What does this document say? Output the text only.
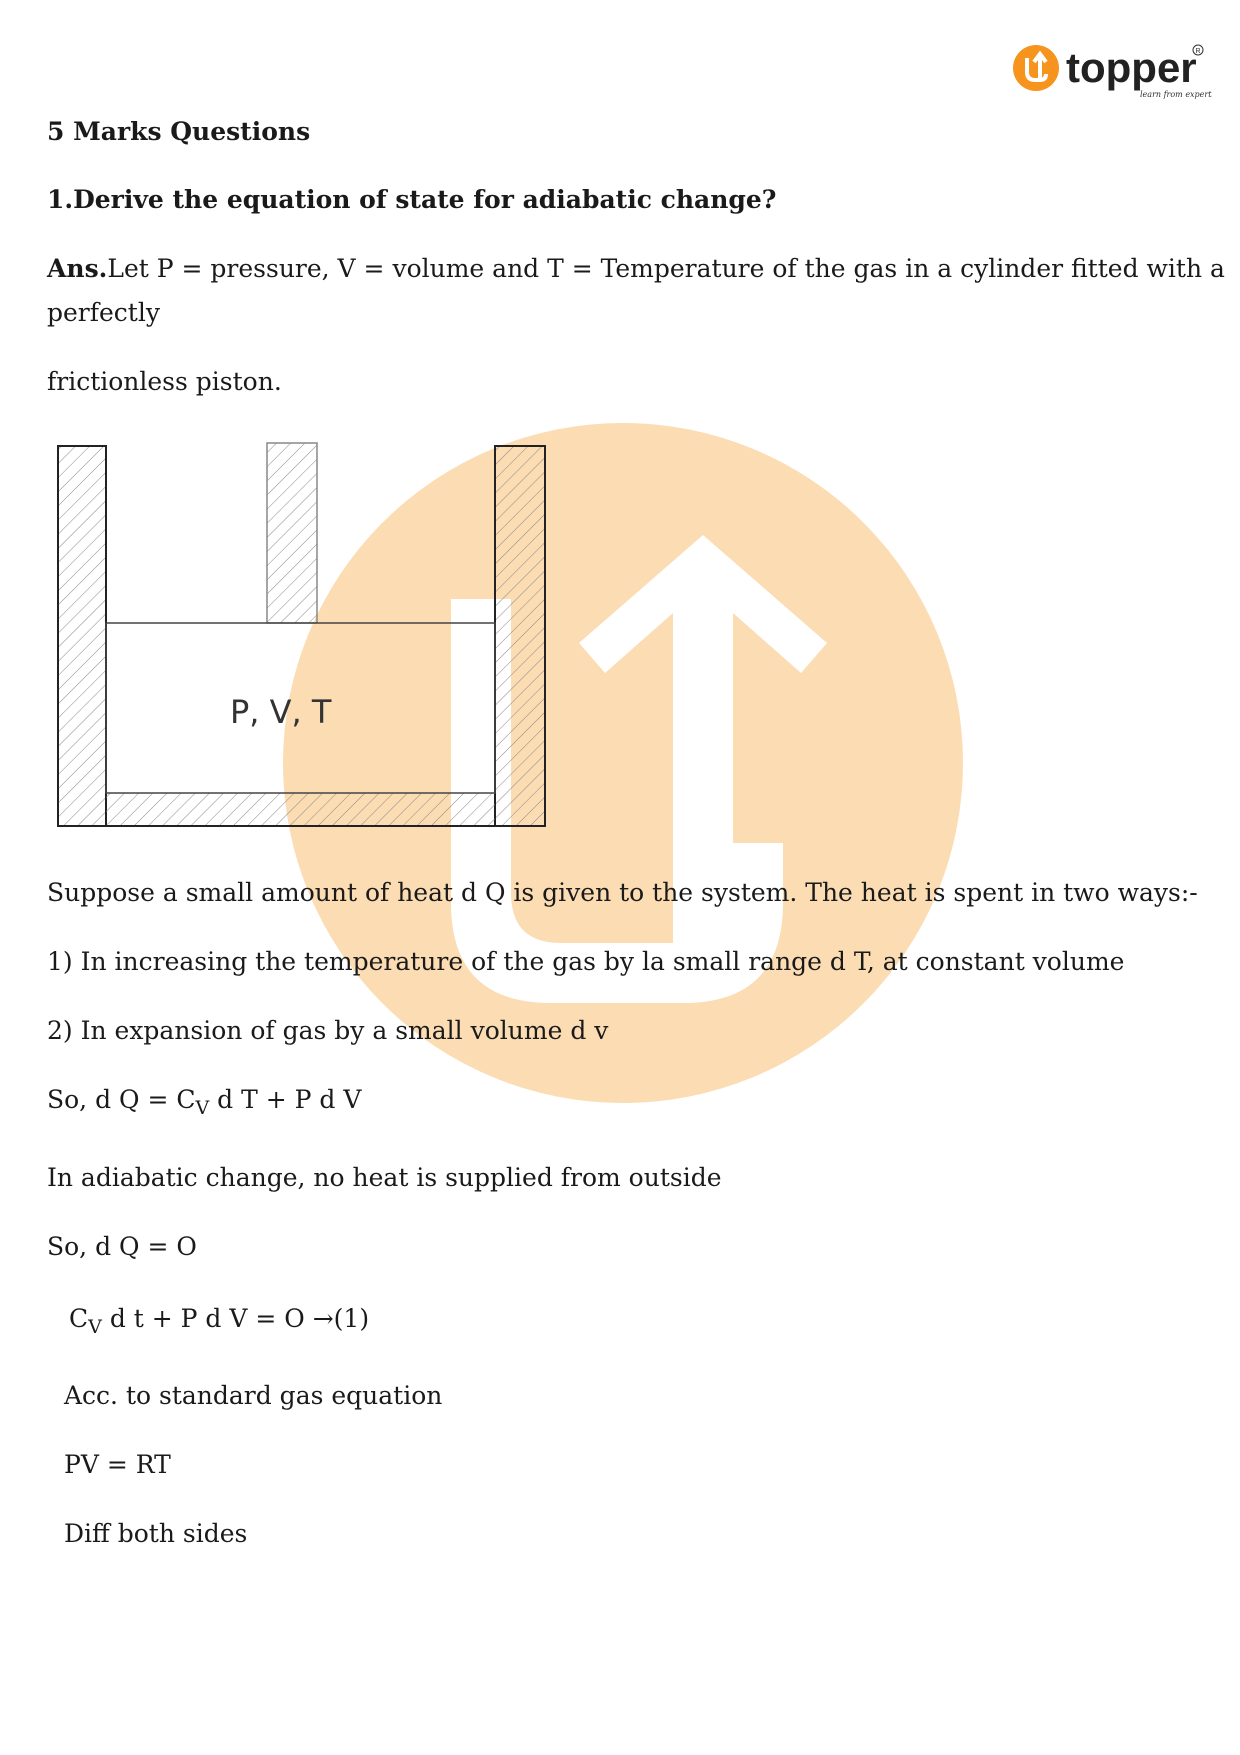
topper
learn from experts
R
5 Marks Questions
1.Derive the equation of state for adiabatic change?
Ans.Let P = pressure, V = volume and T = Temperature of the gas in a cylinder fitted with a
perfectly
frictionless piston.
P, V, T
Suppose a small amount of heat d Q is given to the system. The heat is spent in two ways:-
1) In increasing the temperature of the gas by la small range d T, at constant volume
2) In expansion of gas by a small volume d v
So, d $Q = C_V$ d T + P d V
In adiabatic change, no heat is supplied from outside
So, d Q = O
$C_V$ d t + P d V = O →(1)
Acc. to standard gas equation
PV = RT
Diff both sides
